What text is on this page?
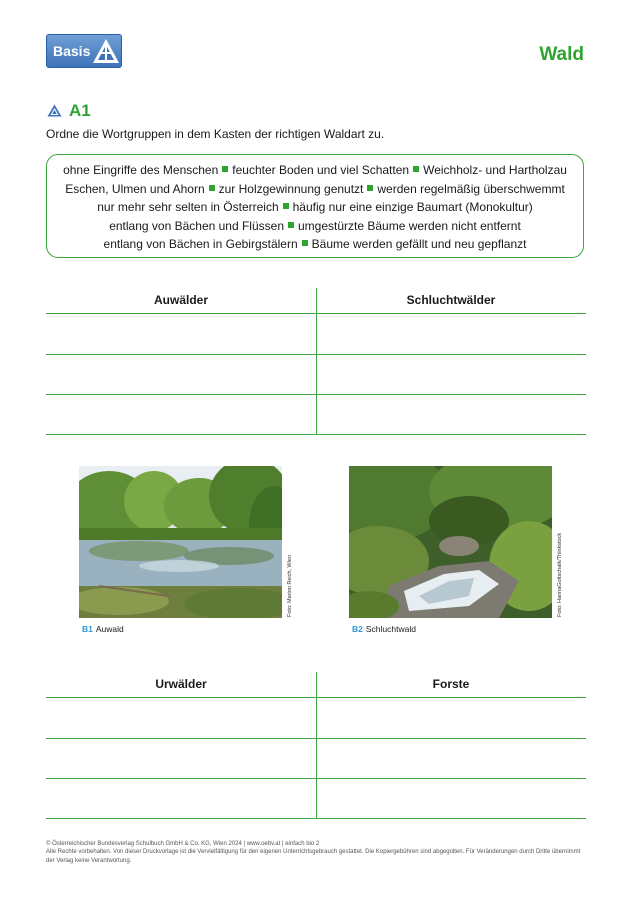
Basis	Wald
A1
Ordne die Wortgruppen in dem Kasten der richtigen Waldart zu.
ohne Eingriffe des Menschen feuchter Boden und viel Schatten Weichholz- und Hartholzau
Eschen, Ulmen und Ahorn zur Holzgewinnung genutzt werden regelmäßig überschwemmt
nur mehr sehr selten in Österreich häufig nur eine einzige Baumart (Monokultur)
entlang von Bächen und Flüssen umgestürzte Bäume werden nicht entfernt
entlang von Bächen in Gebirgstälern Bäume werden gefällt und neu gepflanzt
Auwälder	Schluchtwälder
Foto: Marion Reich, Wien
B1 Auwald
Foto: HannaGottschalk/Thinkstock
B2 Schluchtwald
Urwälder	Forste
© Österreichischer Bundesverlag Schulbuch GmbH & Co. KG, Wien 2024 | www.oebv.at | einfach bio 2
Alle Rechte vorbehalten. Von dieser Druckvorlage ist die Vervielfältigung für den eigenen Unterrichtsgebrauch gestattet. Die Kopiergebühren sind abgegolten. Für Veränderungen durch Dritte übernimmt der Verlag keine Verantwortung.
